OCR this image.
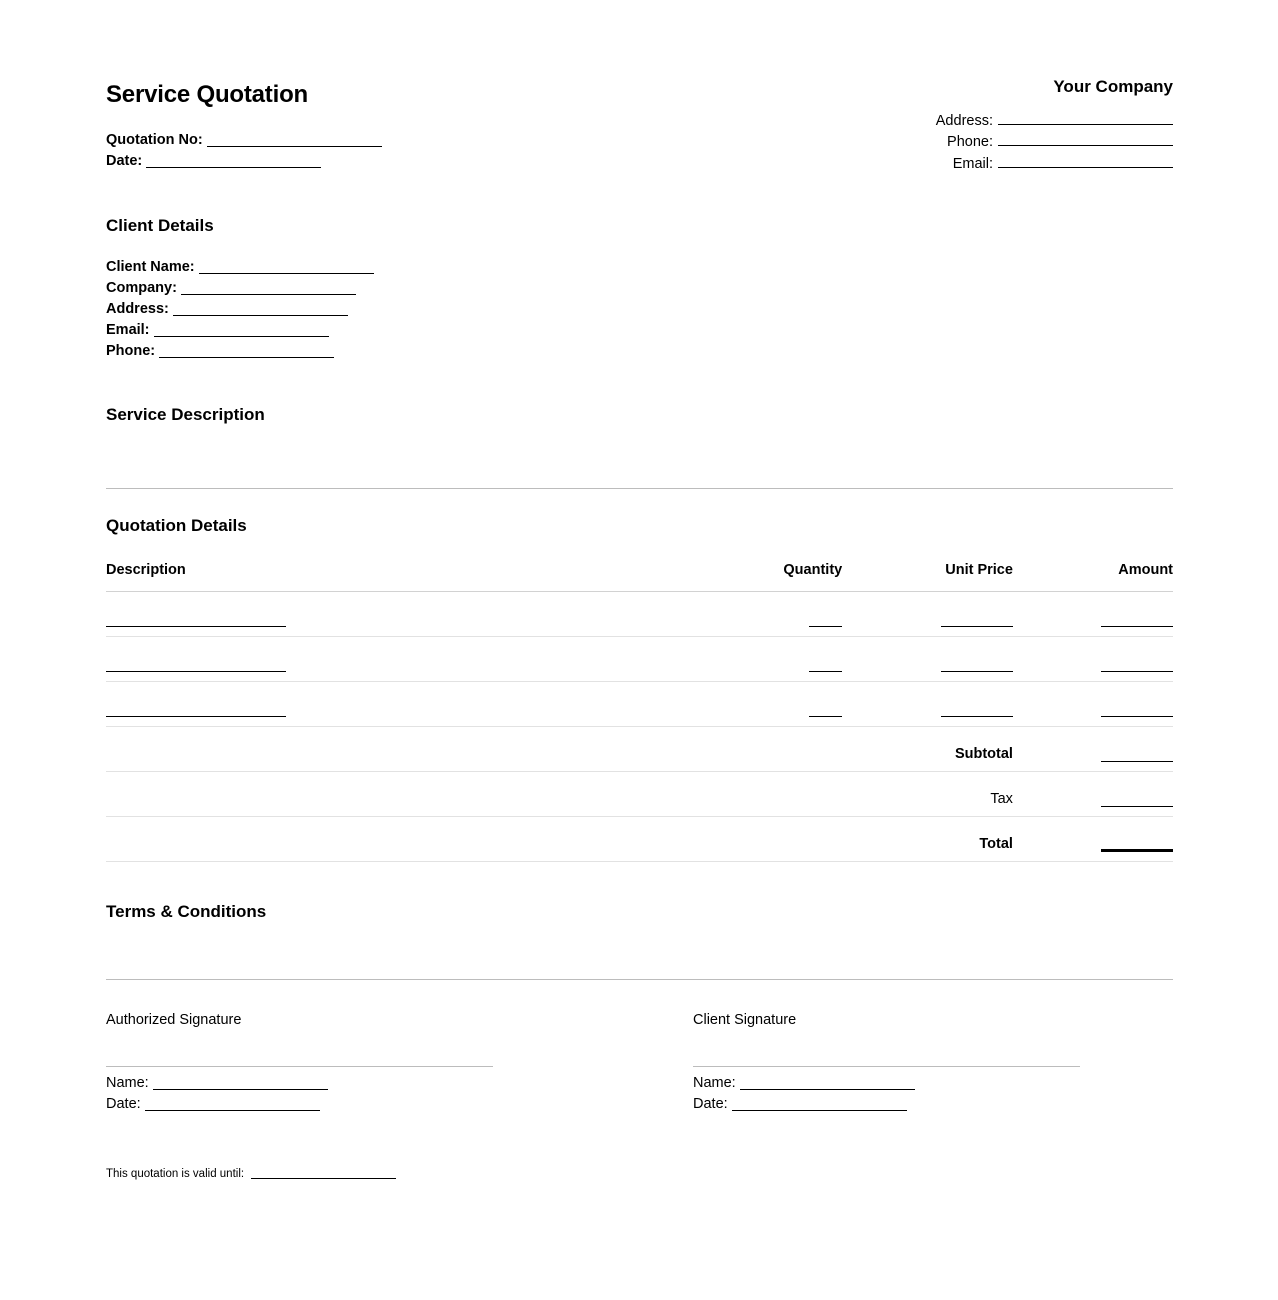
Service Quotation
Quotation No:
Date:
Your Company
Address:
Phone:
Email:
Client Details
Client Name:
Company:
Address:
Email:
Phone:
Service Description
Quotation Details
Description	Quantity	Unit Price	Amount

		Subtotal	
		Tax	
		Total	
Terms & Conditions
Authorized Signature
Name:
Date:
Client Signature
Name:
Date:
This quotation is valid until:
